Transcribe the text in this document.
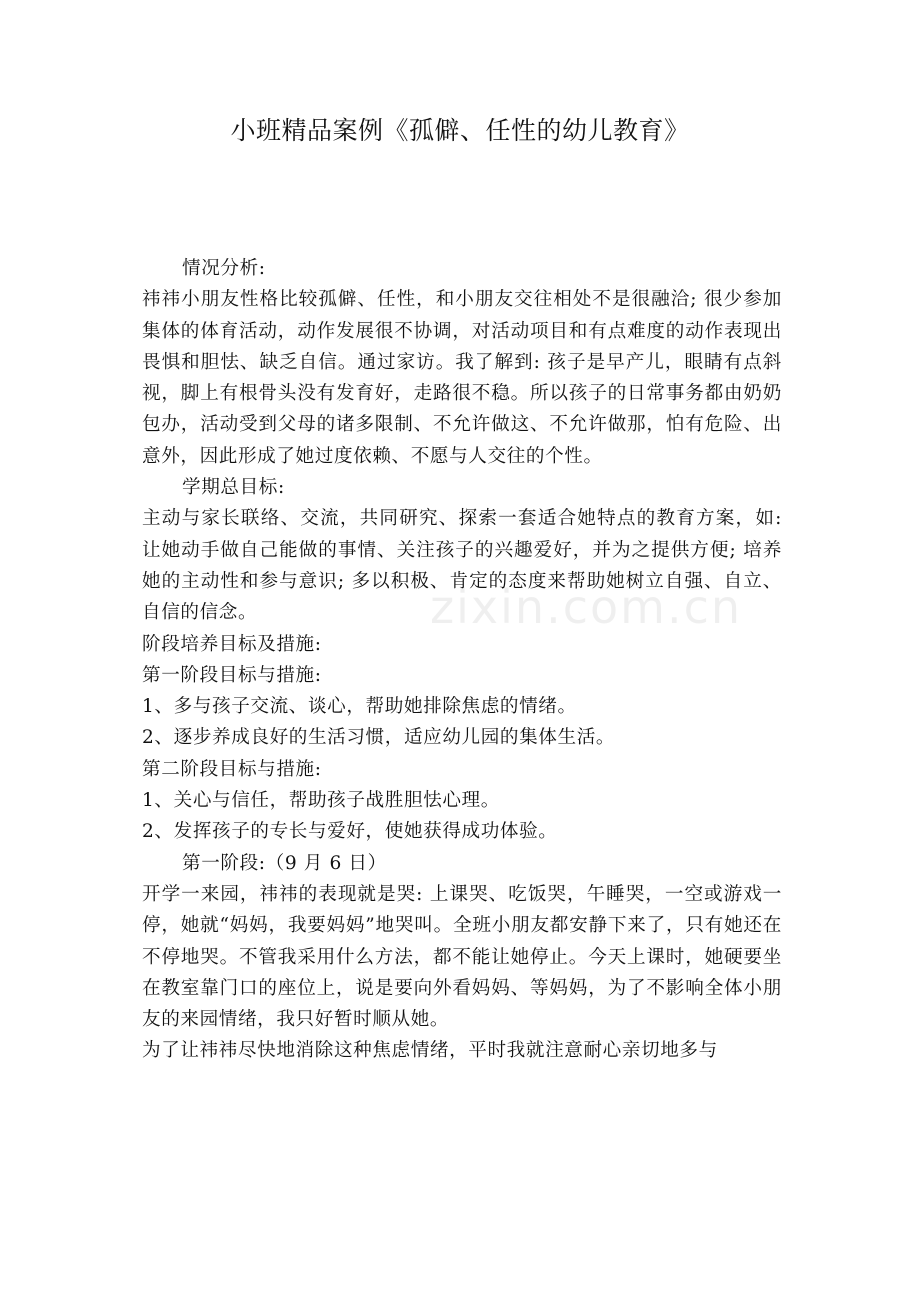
小班精品案例《孤僻、任性的幼儿教育》
zixin.com.cn

情况分析:

祎祎小朋友性格比较孤僻、任性，和小朋友交往相处不是很融洽; 很少参加集体的体育活动，动作发展很不协调，对活动项目和有点难度的动作表现出畏惧和胆怯、缺乏自信。通过家访。我了解到: 孩子是早产儿，眼睛有点斜视，脚上有根骨头没有发育好，走路很不稳。所以孩子的日常事务都由奶奶包办，活动受到父母的诸多限制、不允许做这、不允许做那，怕有危险、出意外，因此形成了她过度依赖、不愿与人交往的个性。

学期总目标:

主动与家长联络、交流，共同研究、探索一套适合她特点的教育方案，如: 让她动手做自己能做的事情、关注孩子的兴趣爱好，并为之提供方便; 培养她的主动性和参与意识; 多以积极、肯定的态度来帮助她树立自强、自立、自信的信念。

阶段培养目标及措施:

第一阶段目标与措施:

1、多与孩子交流、谈心，帮助她排除焦虑的情绪。

2、逐步养成良好的生活习惯，适应幼儿园的集体生活。

第二阶段目标与措施:

1、关心与信任，帮助孩子战胜胆怯心理。

2、发挥孩子的专长与爱好，使她获得成功体验。

第一阶段:（9 月 6 日）

开学一来园，祎祎的表现就是哭: 上课哭、吃饭哭，午睡哭，一空或游戏一停，她就“妈妈，我要妈妈”地哭叫。全班小朋友都安静下来了，只有她还在不停地哭。不管我采用什么方法，都不能让她停止。今天上课时，她硬要坐在教室靠门口的座位上，说是要向外看妈妈、等妈妈，为了不影响全体小朋友的来园情绪，我只好暂时顺从她。

为了让祎祎尽快地消除这种焦虑情绪，平时我就注意耐心亲切地多与
